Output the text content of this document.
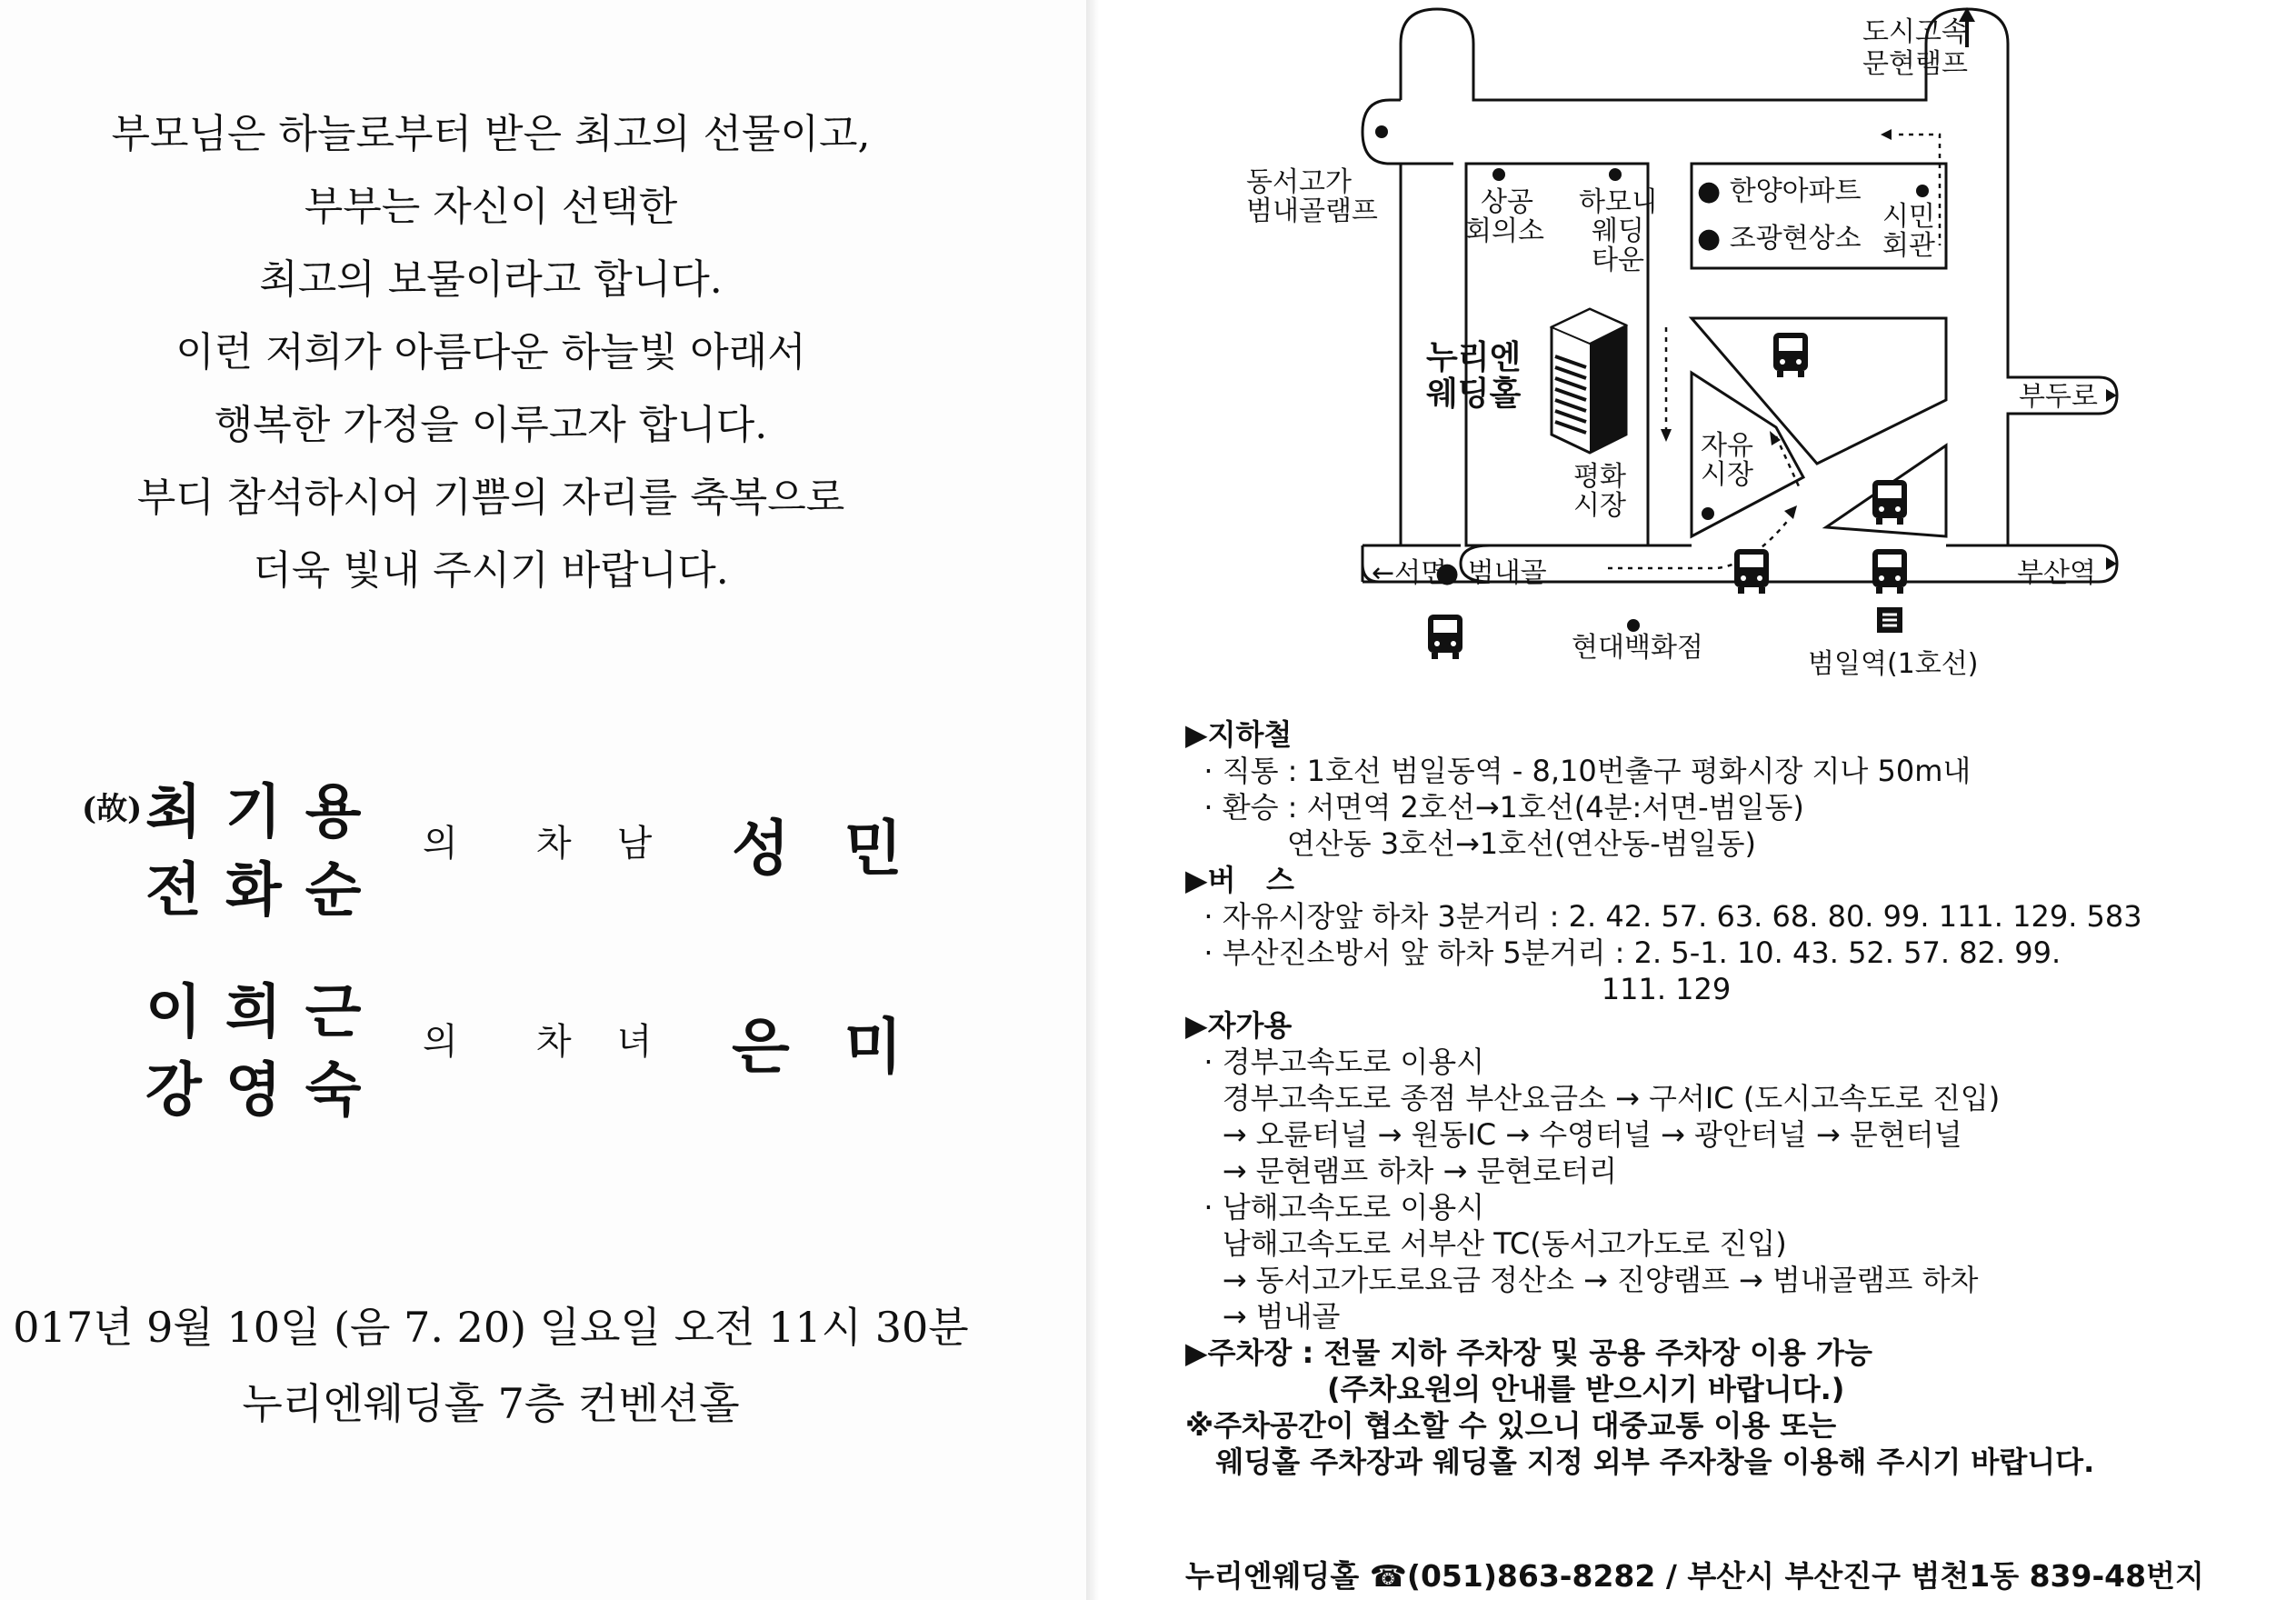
부모님은 하늘로부터 받은 최고의 선물이고,
부부는 자신이 선택한
최고의 보물이라고 합니다.
이런 저희가 아름다운 하늘빛 아래서
행복한 가정을 이루고자 합니다.
부디 참석하시어 기쁨의 자리를 축복으로
더욱 빛내 주시기 바랍니다.
(故) 최기용
전화순
의 차남 성민
이희근
강영숙
의 차녀 은미
017년 9월 10일 (음 7. 20) 일요일 오전 11시 30분
누리엔웨딩홀 7층 컨벤션홀
도시고속
문현램프
동서고가
범내골램프	상공
회의소
하모니
웨딩
타운
● 한양아파트
● 조광현상소
시민
회관
누리엔
웨딩홀
자유
시장
평화
시장
부두로
←서면
● 범내골	부산역
현대백화점
범일역(1호선)
▶지하철
· 직통 : 1호선 범일동역 - 8,10번출구 평화시장 지나 50m내
· 환승 : 서면역 2호선→1호선(4분:서면-범일동)
연산동 3호선→1호선(연산동-범일동)
▶버   스
· 자유시장앞 하차 3분거리 : 2. 42. 57. 63. 68. 80. 99. 111. 129. 583
· 부산진소방서 앞 하차 5분거리 : 2. 5-1. 10. 43. 52. 57. 82. 99.
111. 129
▶자가용
· 경부고속도로 이용시
경부고속도로 종점 부산요금소 → 구서IC (도시고속도로 진입)
→ 오륜터널 → 원동IC → 수영터널 → 광안터널 → 문현터널
→ 문현램프 하차 → 문현로터리
· 남해고속도로 이용시
남해고속도로 서부산 TC(동서고가도로 진입)
→ 동서고가도로요금 정산소 → 진양램프 → 범내골램프 하차
→ 범내골
▶주차장 : 전물 지하 주차장 및 공용 주차장 이용 가능
(주차요원의 안내를 받으시기 바랍니다.)
※주차공간이 협소할 수 있으니 대중교통 이용 또는
웨딩홀 주차장과 웨딩홀 지정 외부 주자창을 이용해 주시기 바랍니다.
누리엔웨딩홀 ☎(051)863-8282 / 부산시 부산진구 범천1동 839-48번지
